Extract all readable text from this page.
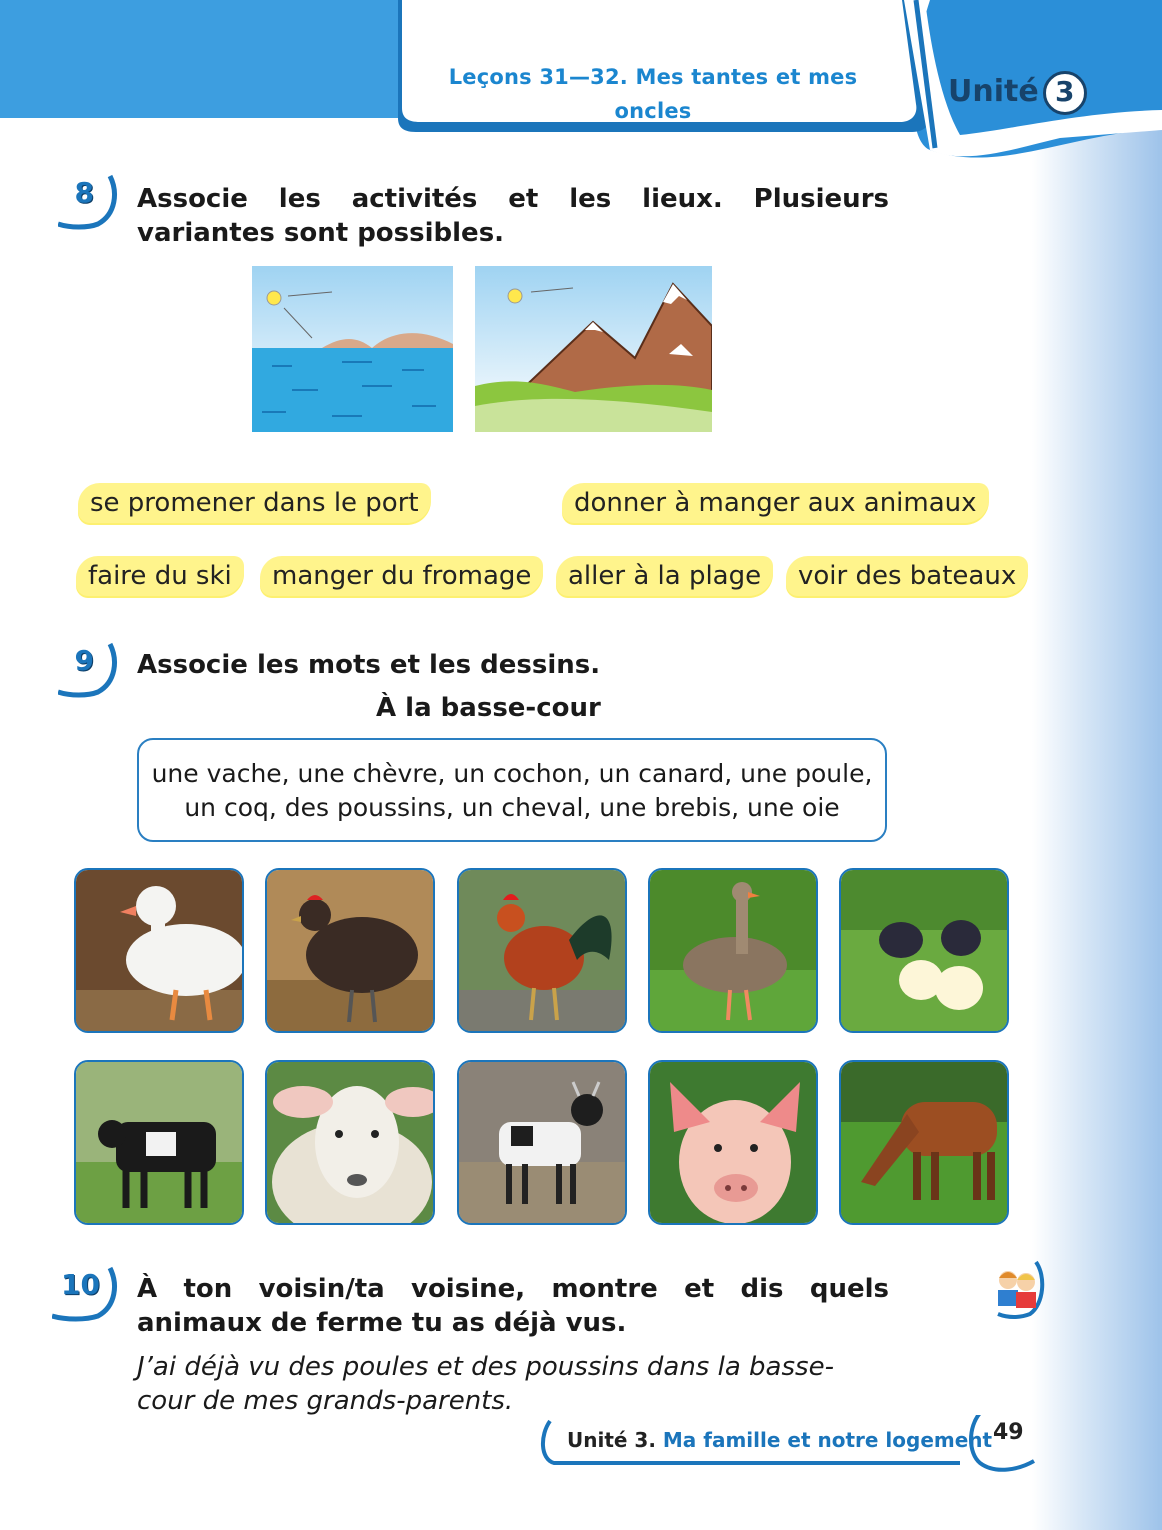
Leçons 31—32. Mes tantes et mes oncles
Unité 3
8 Associe les activités et les lieux. Plusieurs variantes sont possibles.
se promener dans le port	donner à manger aux animaux
faire du ski	manger du fromage	aller à la plage	voir des bateaux
9 Associe les mots et les dessins.
À la basse-cour
une vache, une chèvre, un cochon, un canard, une poule,
un coq, des poussins, un cheval, une brebis, une oie
10 À ton voisin/ta voisine, montre et dis quels animaux de ferme tu as déjà vus.
J’ai déjà vu des poules et des poussins dans la basse-cour de mes grands-parents.
Unité 3. Ma famille et notre logement 49
